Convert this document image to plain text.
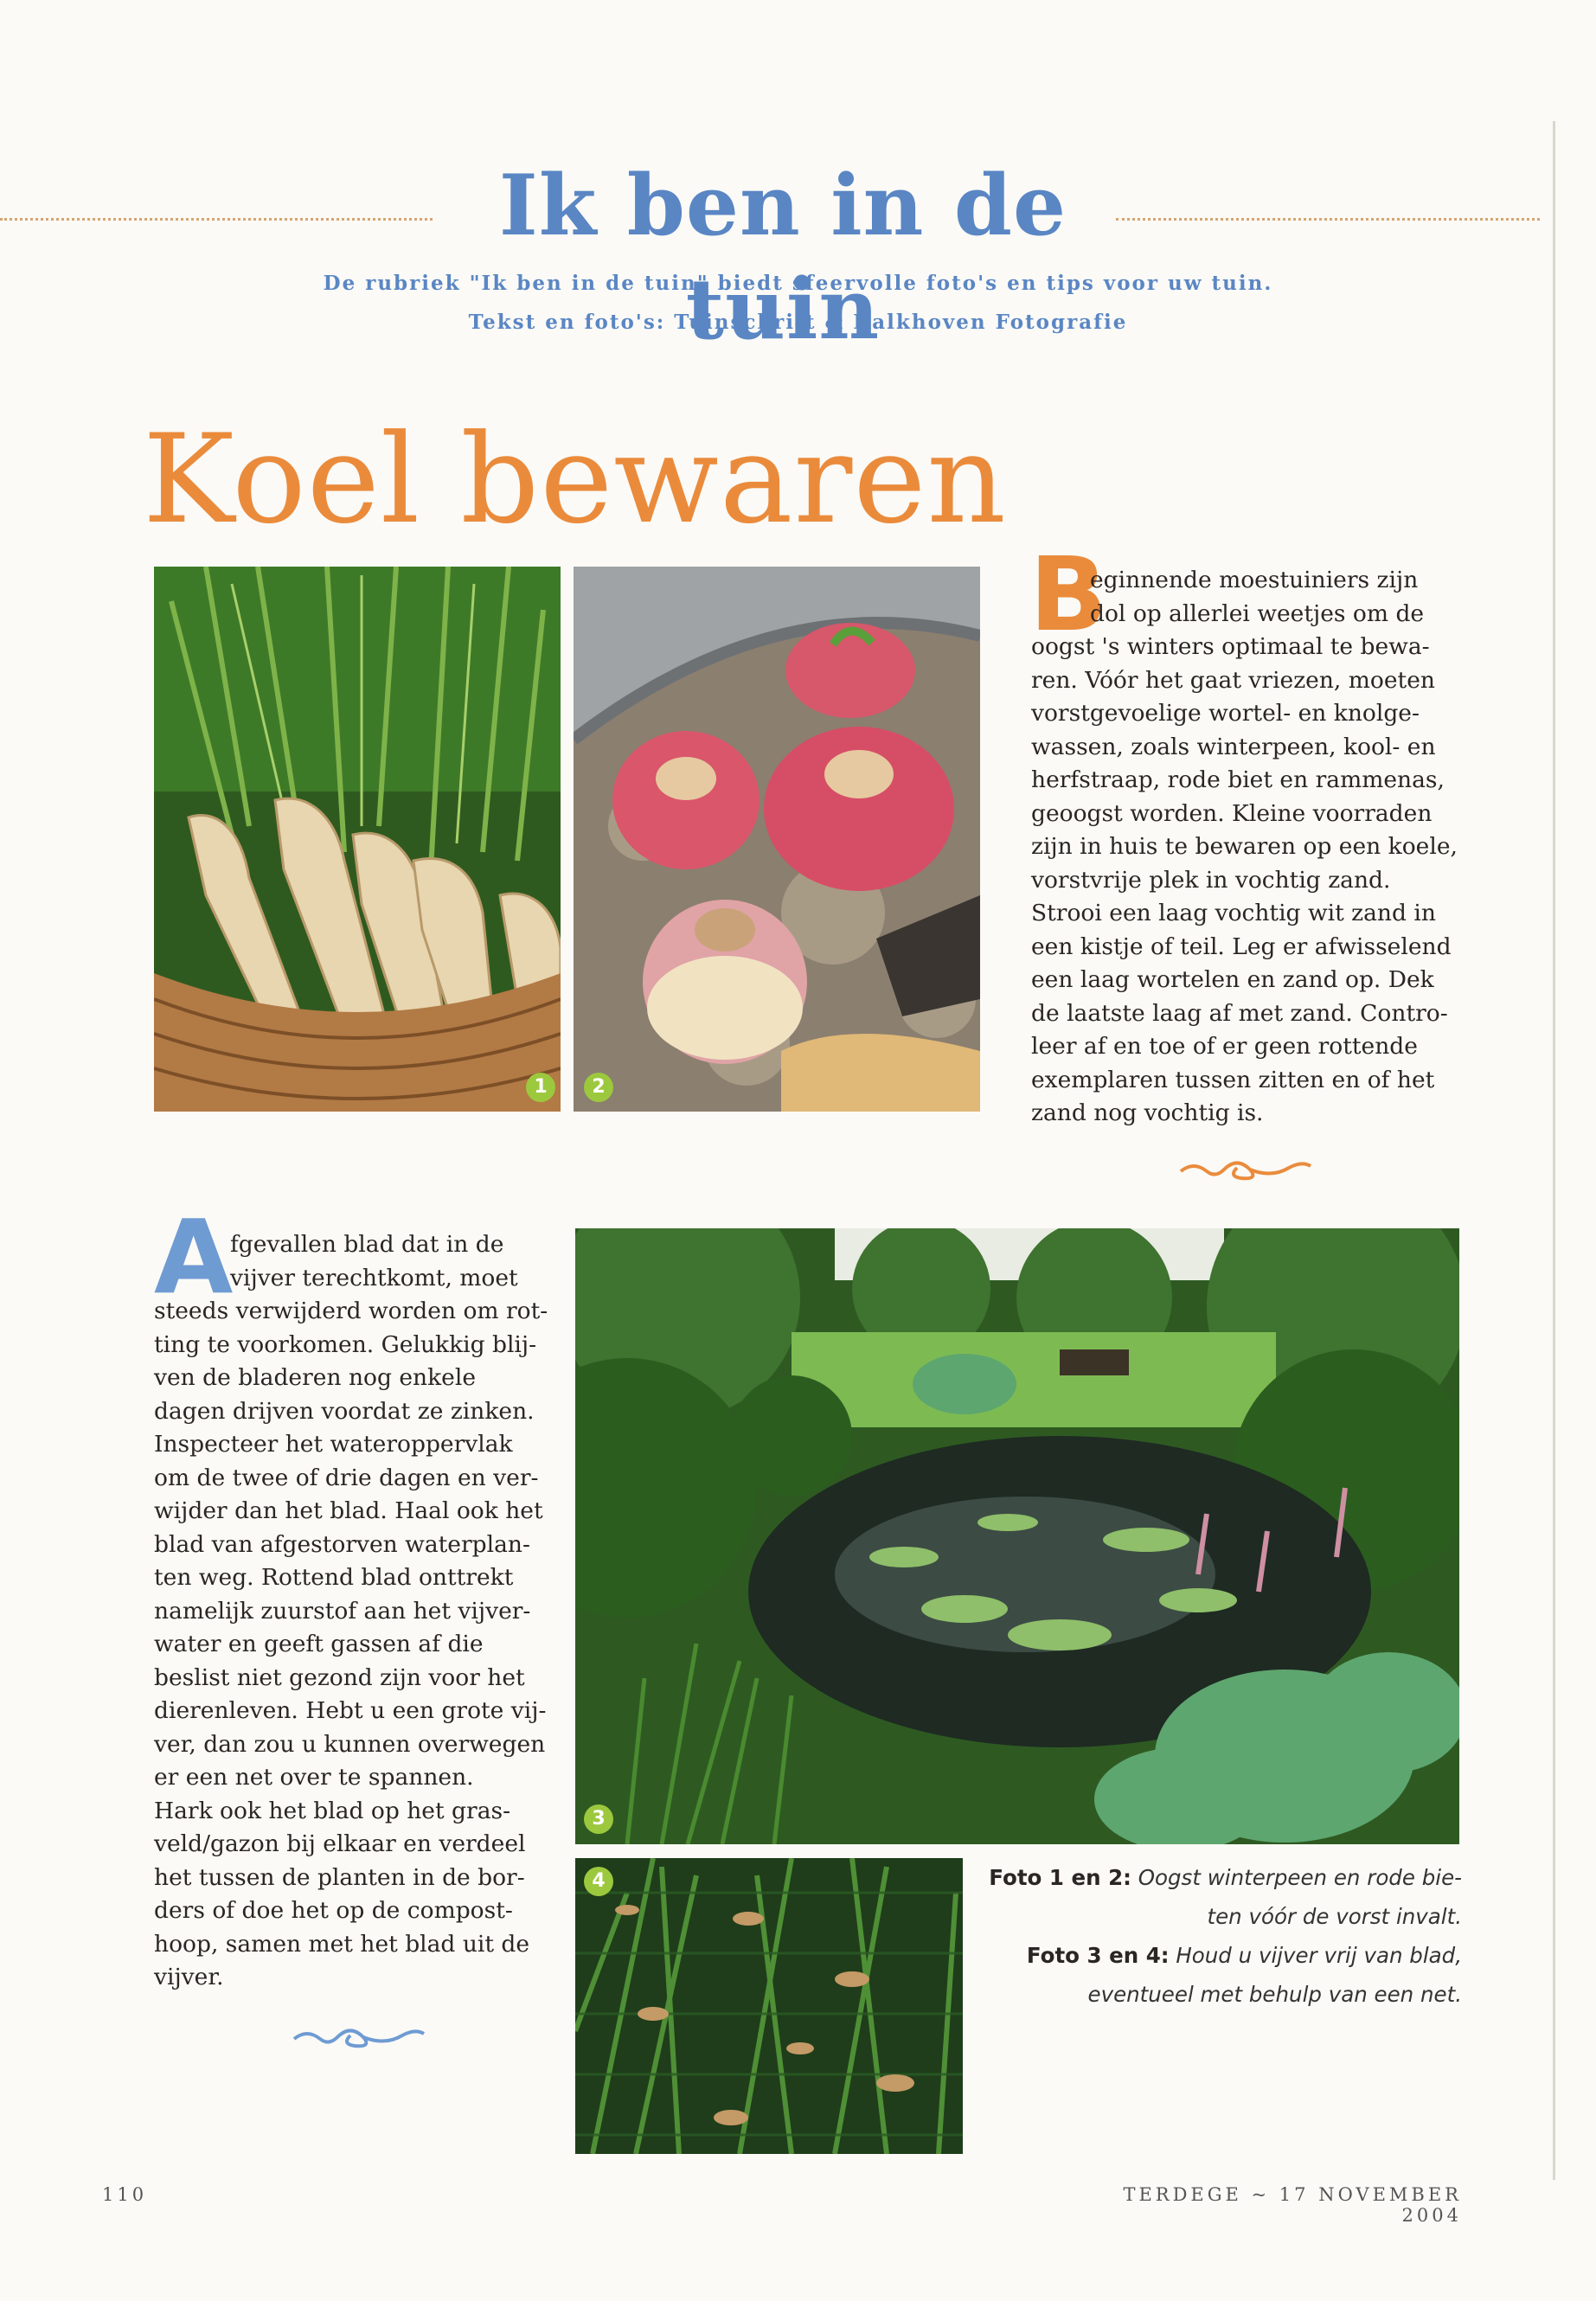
Ik ben in de tuin
De rubriek "Ik ben in de tuin" biedt sfeervolle foto's en tips voor uw tuin.
Tekst en foto's: Tuinschrift & Kalkhoven Fotografie
Koel bewaren
1	2
B
eginnende moestuiniers zijn
dol op allerlei weetjes om de
oogst 's winters optimaal te bewa-
ren. Vóór het gaat vriezen, moeten
vorstgevoelige wortel- en knolge-
wassen, zoals winterpeen, kool- en
herfstraap, rode biet en rammenas,
geoogst worden. Kleine voorraden
zijn in huis te bewaren op een koele,
vorstvrije plek in vochtig zand.
Strooi een laag vochtig wit zand in
een kistje of teil. Leg er afwisselend
een laag wortelen en zand op. Dek
de laatste laag af met zand. Contro-
leer af en toe of er geen rottende
exemplaren tussen zitten en of het
zand nog vochtig is.
A
fgevallen blad dat in de
vijver terechtkomt, moet
steeds verwijderd worden om rot-
ting te voorkomen. Gelukkig blij-
ven de bladeren nog enkele
dagen drijven voordat ze zinken.
Inspecteer het wateroppervlak
om de twee of drie dagen en ver-
wijder dan het blad. Haal ook het
blad van afgestorven waterplan-
ten weg. Rottend blad onttrekt
namelijk zuurstof aan het vijver-
water en geeft gassen af die
beslist niet gezond zijn voor het
dierenleven. Hebt u een grote vij-
ver, dan zou u kunnen overwegen
er een net over te spannen.
Hark ook het blad op het gras-
veld/gazon bij elkaar en verdeel
het tussen de planten in de bor-
ders of doe het op de compost-
hoop, samen met het blad uit de
vijver.
3
4	Foto 1 en 2: Oogst winterpeen en rode bie-
ten vóór de vorst invalt.
Foto 3 en 4: Houd u vijver vrij van blad,
eventueel met behulp van een net.
110	TERDEGE ~ 17 NOVEMBER 2004
